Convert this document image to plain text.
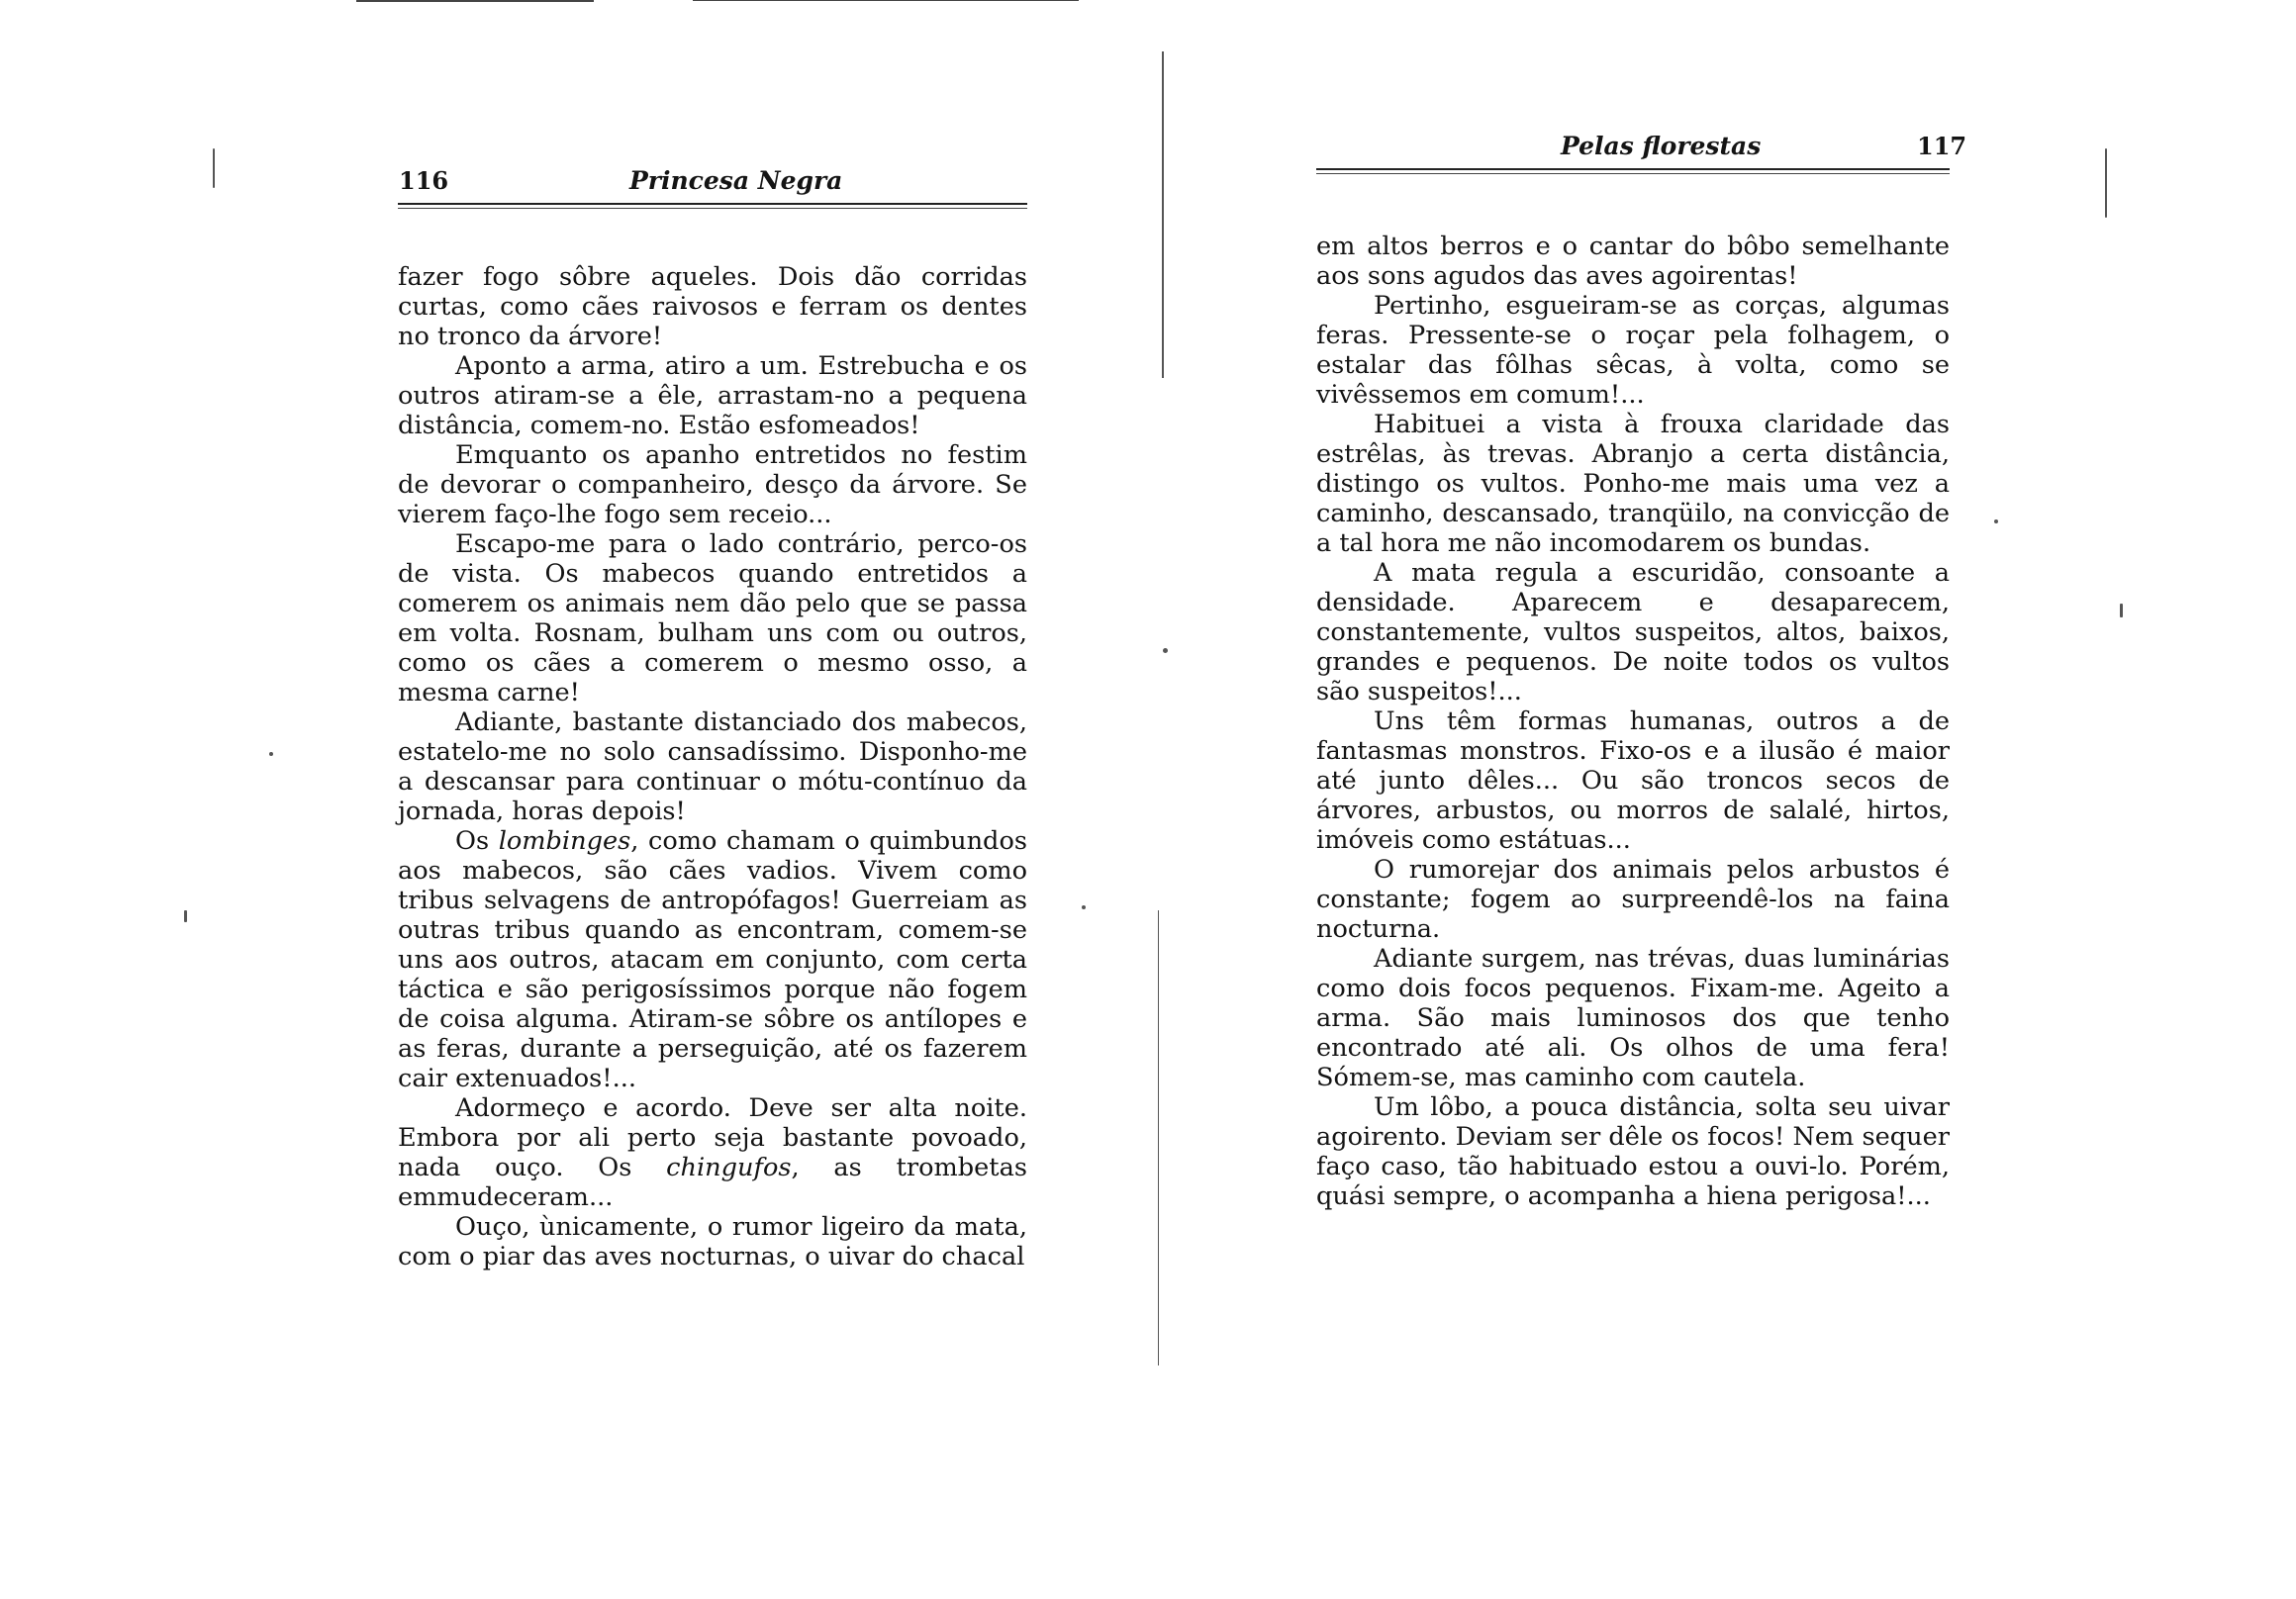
116	Princesa Negra

fazer fogo sôbre aqueles. Dois dão corridas curtas, como cães raivosos e ferram os dentes no tronco da árvore!

Aponto a arma, atiro a um. Estrebucha e os outros atiram-se a êle, arrastam-no a pequena distância, comem-no. Estão esfomeados!

Emquanto os apanho entretidos no festim de devorar o companheiro, desço da árvore. Se vierem faço-lhe fogo sem receio...

Escapo-me para o lado contrário, perco-os de vista. Os mabecos quando entretidos a comerem os animais nem dão pelo que se passa em volta. Rosnam, bulham uns com ou outros, como os cães a comerem o mesmo osso, a mesma carne!

Adiante, bastante distanciado dos mabecos, estatelo-me no solo cansadíssimo. Disponho-me a descansar para continuar o mótu-contínuo da jornada, horas depois!

Os lombinges, como chamam o quimbundos aos mabecos, são cães vadios. Vivem como tribus selvagens de antropófagos! Guerreiam as outras tribus quando as encontram, comem-se uns aos outros, atacam em conjunto, com certa táctica e são perigosíssimos porque não fogem de coisa alguma. Atiram-se sôbre os antílopes e as feras, durante a perseguição, até os fazerem cair extenuados!...

Adormeço e acordo. Deve ser alta noite. Embora por ali perto seja bastante povoado, nada ouço. Os chingufos, as trombetas emmudeceram...

Ouço, ùnicamente, o rumor ligeiro da mata, com o piar das aves nocturnas, o uivar do chacal

Pelas florestas	117

em altos berros e o cantar do bôbo semelhante aos sons agudos das aves agoirentas!

Pertinho, esgueiram-se as corças, algumas feras. Pressente-se o roçar pela folhagem, o estalar das fôlhas sêcas, à volta, como se vivêssemos em comum!...

Habituei a vista à frouxa claridade das estrêlas, às trevas. Abranjo a certa distância, distingo os vultos. Ponho-me mais uma vez a caminho, descansado, tranqüilo, na convicção de a tal hora me não incomodarem os bundas.

A mata regula a escuridão, consoante a densidade. Aparecem e desaparecem, constantemente, vultos suspeitos, altos, baixos, grandes e pequenos. De noite todos os vultos são suspeitos!...

Uns têm formas humanas, outros a de fantasmas monstros. Fixo-os e a ilusão é maior até junto dêles... Ou são troncos secos de árvores, arbustos, ou morros de salalé, hirtos, imóveis como estátuas...

O rumorejar dos animais pelos arbustos é constante; fogem ao surpreendê-los na faina nocturna.

Adiante surgem, nas trévas, duas luminárias como dois focos pequenos. Fixam-me. Ageito a arma. São mais luminosos dos que tenho encontrado até ali. Os olhos de uma fera! Sómem-se, mas caminho com cautela.

Um lôbo, a pouca distância, solta seu uivar agoirento. Deviam ser dêle os focos! Nem sequer faço caso, tão habituado estou a ouvi-lo. Porém, quási sempre, o acompanha a hiena perigosa!...
